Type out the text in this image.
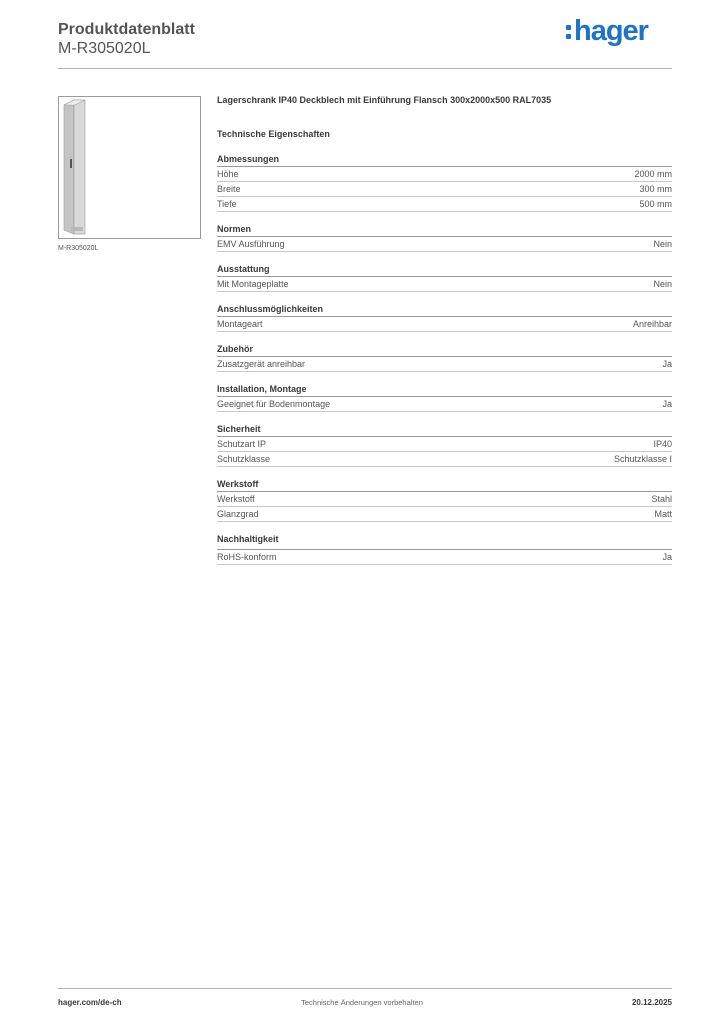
Produktdatenblatt
M-R305020L
hager
M-R305020L
Lagerschrank IP40 Deckblech mit Einführung Flansch 300x2000x500 RAL7035
Technische Eigenschaften
Abmessungen
Höhe	2000 mm
Breite	300 mm
Tiefe	500 mm
Normen
EMV Ausführung	Nein
Ausstattung
Mit Montageplatte	Nein
Anschlussmöglichkeiten
Montageart	Anreihbar
Zubehör
Zusatzgerät anreihbar	Ja
Installation, Montage
Geeignet für Bodenmontage	Ja
Sicherheit
Schutzart IP	IP40
Schutzklasse	Schutzklasse I
Werkstoff
Werkstoff	Stahl
Glanzgrad	Matt
Nachhaltigkeit
RoHS-konform	Ja
hager.com/de-ch	Technische Änderungen vorbehalten	20.12.2025
